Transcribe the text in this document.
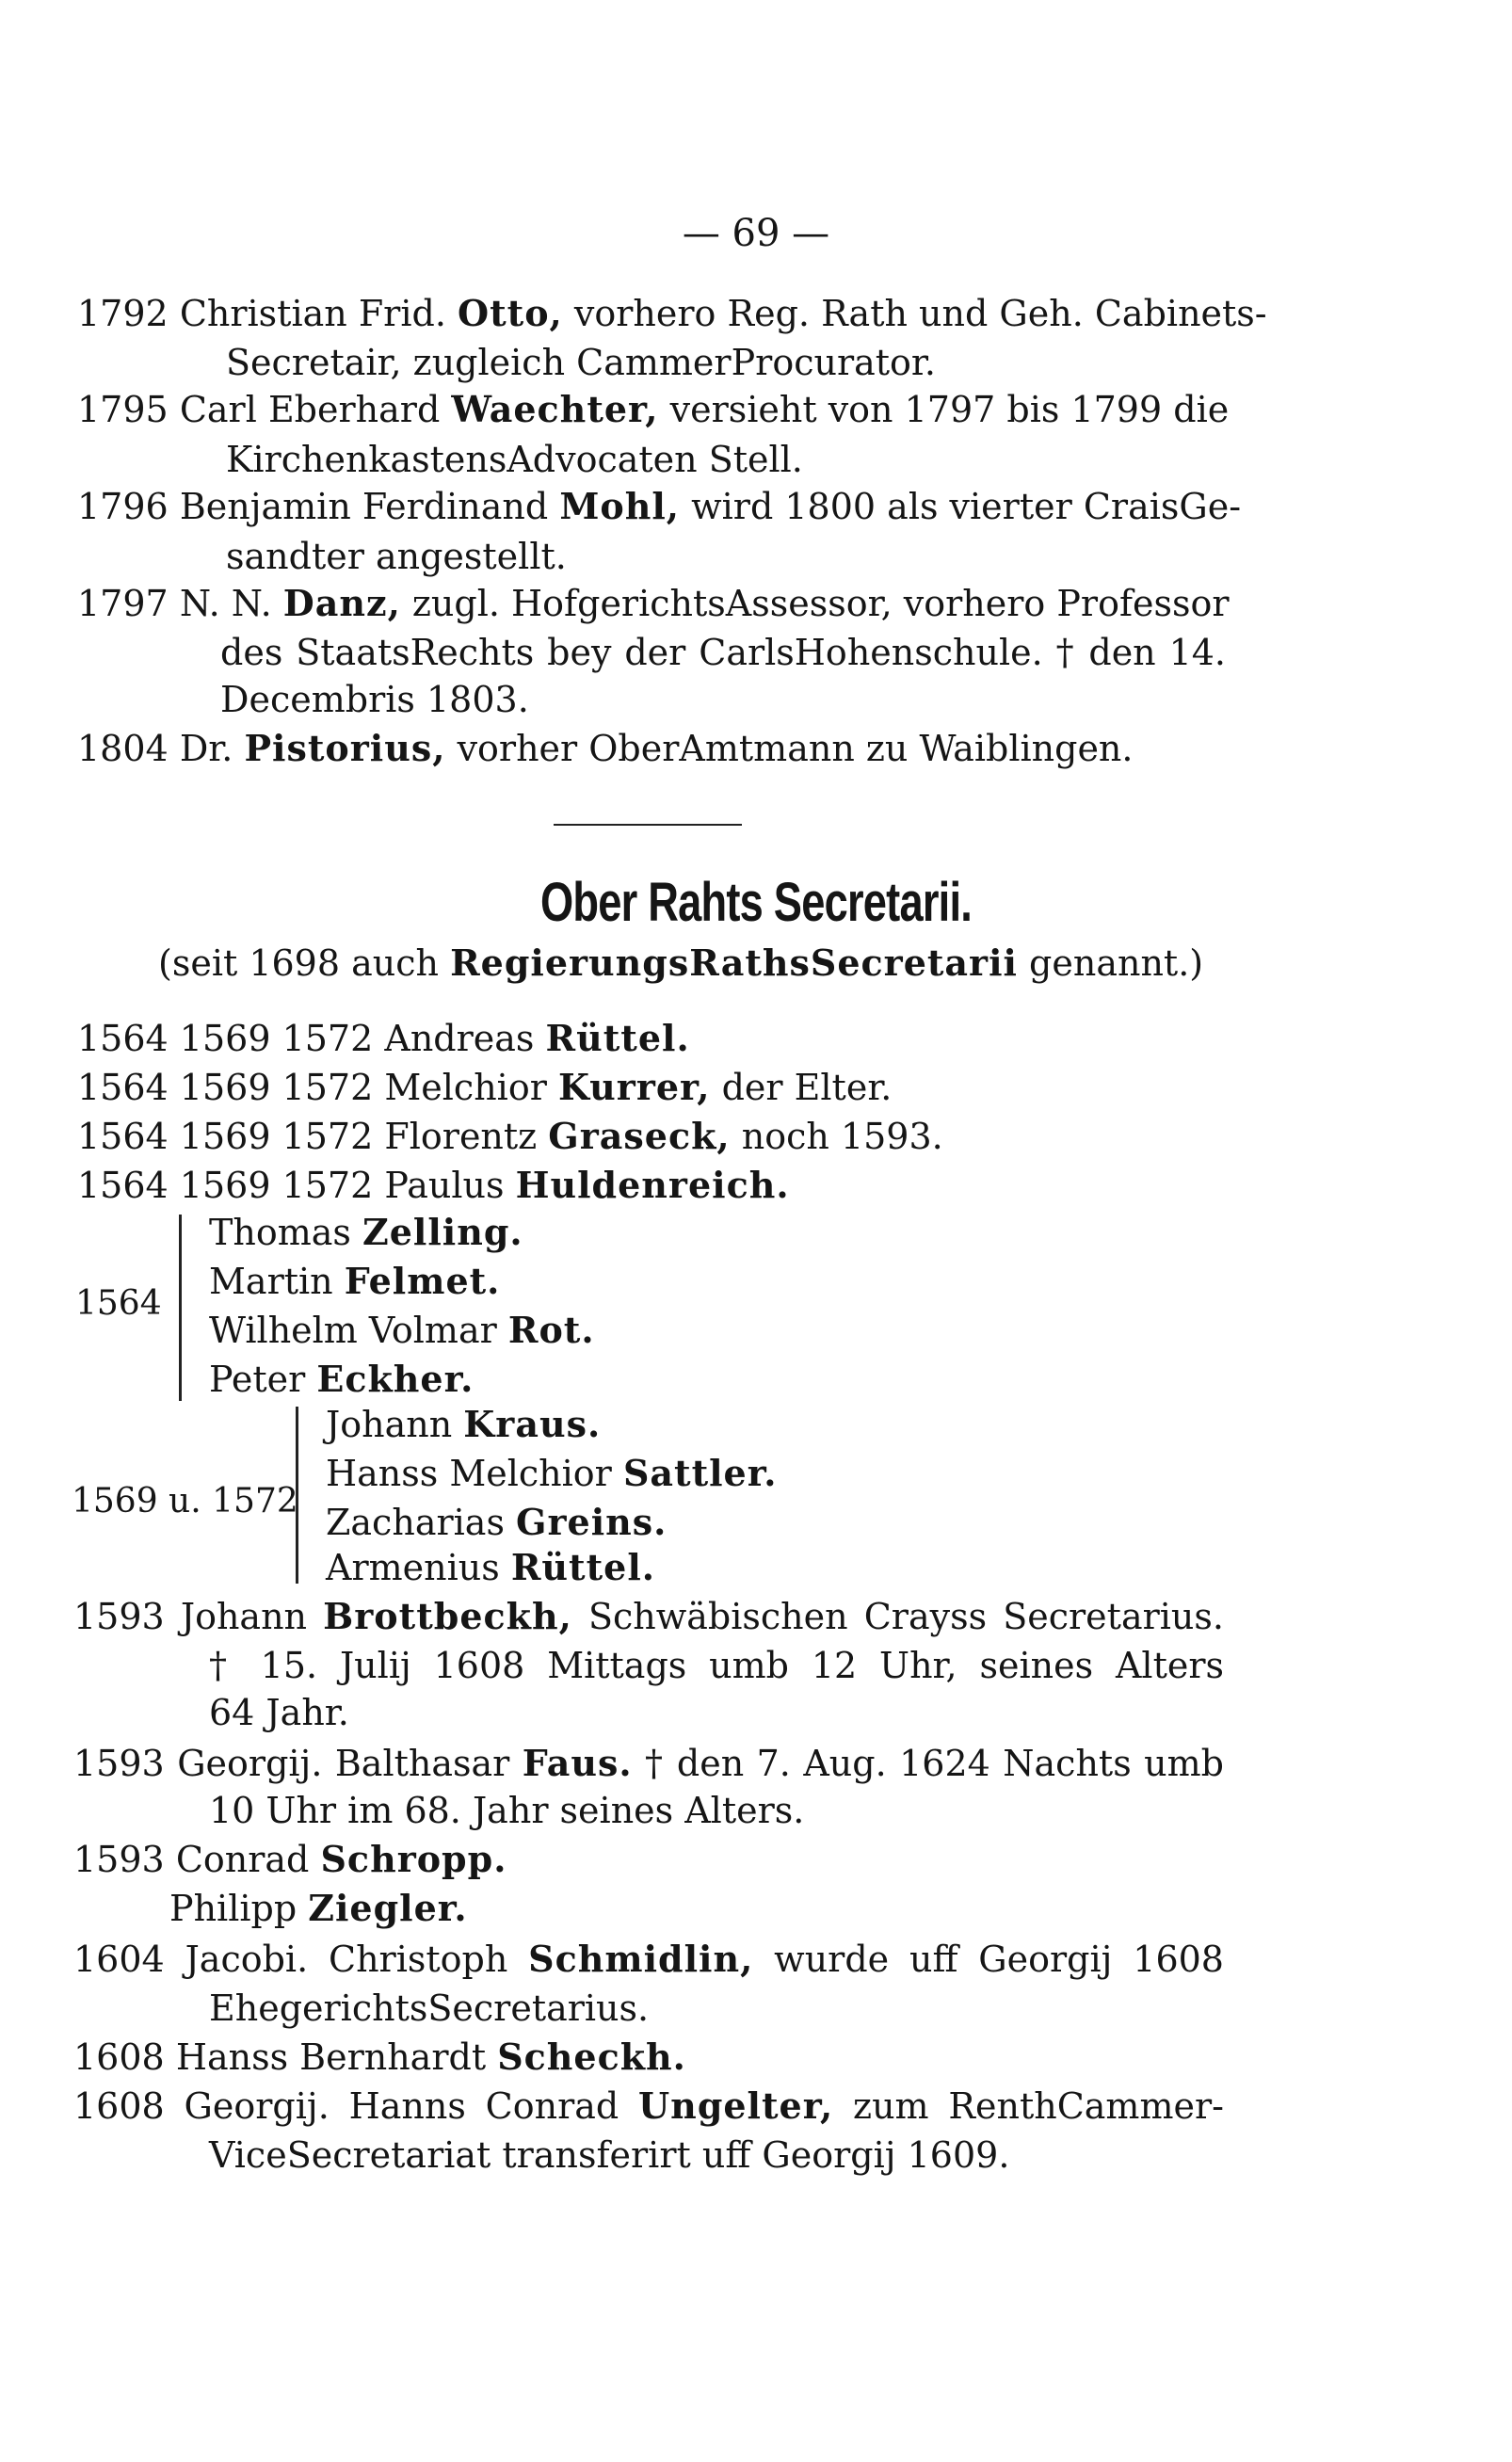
— 69 —
1792 Christian Frid. Otto, vorhero Reg. Rath und Geh. Cabinets-
Secretair, zugleich CammerProcurator.
1795 Carl Eberhard Waechter, versieht von 1797 bis 1799 die
KirchenkastensAdvocaten Stell.
1796 Benjamin Ferdinand Mohl, wird 1800 als vierter CraisGe-
sandter angestellt.
1797 N. N. Danz, zugl. HofgerichtsAssessor, vorhero Professor
des StaatsRechts bey der CarlsHohenschule. † den 14.
Decembris 1803.
1804 Dr. Pistorius, vorher OberAmtmann zu Waiblingen.
Ober Rahts Secretarii.
(seit 1698 auch RegierungsRathsSecretarii genannt.)
1564 1569 1572 Andreas Rüttel.
1564 1569 1572 Melchior Kurrer, der Elter.
1564 1569 1572 Florentz Graseck, noch 1593.
1564 1569 1572 Paulus Huldenreich.
1564
Thomas Zelling.
Martin Felmet.
Wilhelm Volmar Rot.
Peter Eckher.
1569 u. 1572
Johann Kraus.
Hanss Melchior Sattler.
Zacharias Greins.
Armenius Rüttel.
1593 Johann Brottbeckh, Schwäbischen Crayss Secretarius.
† 15. Julij 1608 Mittags umb 12 Uhr, seines Alters
64 Jahr.
1593 Georgij. Balthasar Faus. † den 7. Aug. 1624 Nachts umb
10 Uhr im 68. Jahr seines Alters.
1593 Conrad Schropp.
Philipp Ziegler.
1604 Jacobi. Christoph Schmidlin, wurde uff Georgij 1608
EhegerichtsSecretarius.
1608 Hanss Bernhardt Scheckh.
1608 Georgij. Hanns Conrad Ungelter, zum RenthCammer-
ViceSecretariat transferirt uff Georgij 1609.
